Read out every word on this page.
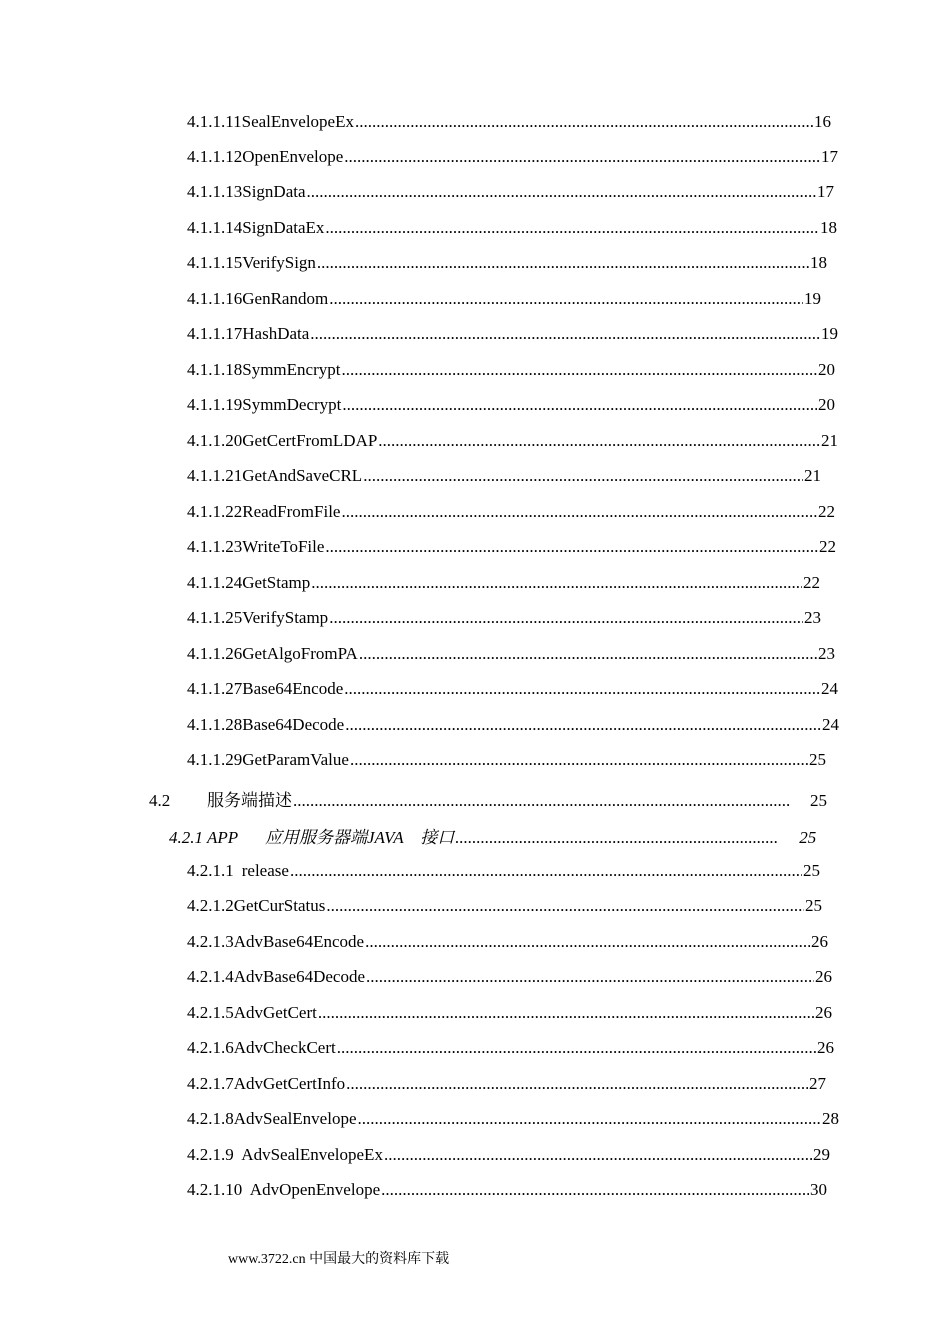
4.1.1.11 SealEnvelopeEx .....	16
4.1.1.12 OpenEnvelope .....	17
4.1.1.13 SignData .....	17
4.1.1.14 SignDataEx .....	18
4.1.1.15 VerifySign .....	18
4.1.1.16 GenRandom .....	19
4.1.1.17 HashData .....	19
4.1.1.18 SymmEncrypt .....	20
4.1.1.19 SymmDecrypt .....	20
4.1.1.20 GetCertFromLDAP .....	21
4.1.1.21 GetAndSaveCRL .....	21
4.1.1.22 ReadFromFile .....	22
4.1.1.23 WriteToFile .....	22
4.1.1.24 GetStamp .....	22
4.1.1.25 VerifyStamp .....	23
4.1.1.26 GetAlgoFromPA .....	23
4.1.1.27 Base64Encode .....	24
4.1.1.28 Base64Decode .....	24
4.1.1.29 GetParamValue .....	25
4.2	服务端描述 .....	25
4.2.1 APP	应用服务器端JAVA　接口 .....	25
4.2.1.1 release .....	25
4.2.1.2 GetCurStatus .....	25
4.2.1.3 AdvBase64Encode .....	26
4.2.1.4 AdvBase64Decode .....	26
4.2.1.5 AdvGetCert .....	26
4.2.1.6 AdvCheckCert .....	26
4.2.1.7 AdvGetCertInfo .....	27
4.2.1.8 AdvSealEnvelope .....	28
4.2.1.9 AdvSealEnvelopeEx .....	29
4.2.1.10 AdvOpenEnvelope .....	30
www.3722.cn 中国最大的资料库下载
